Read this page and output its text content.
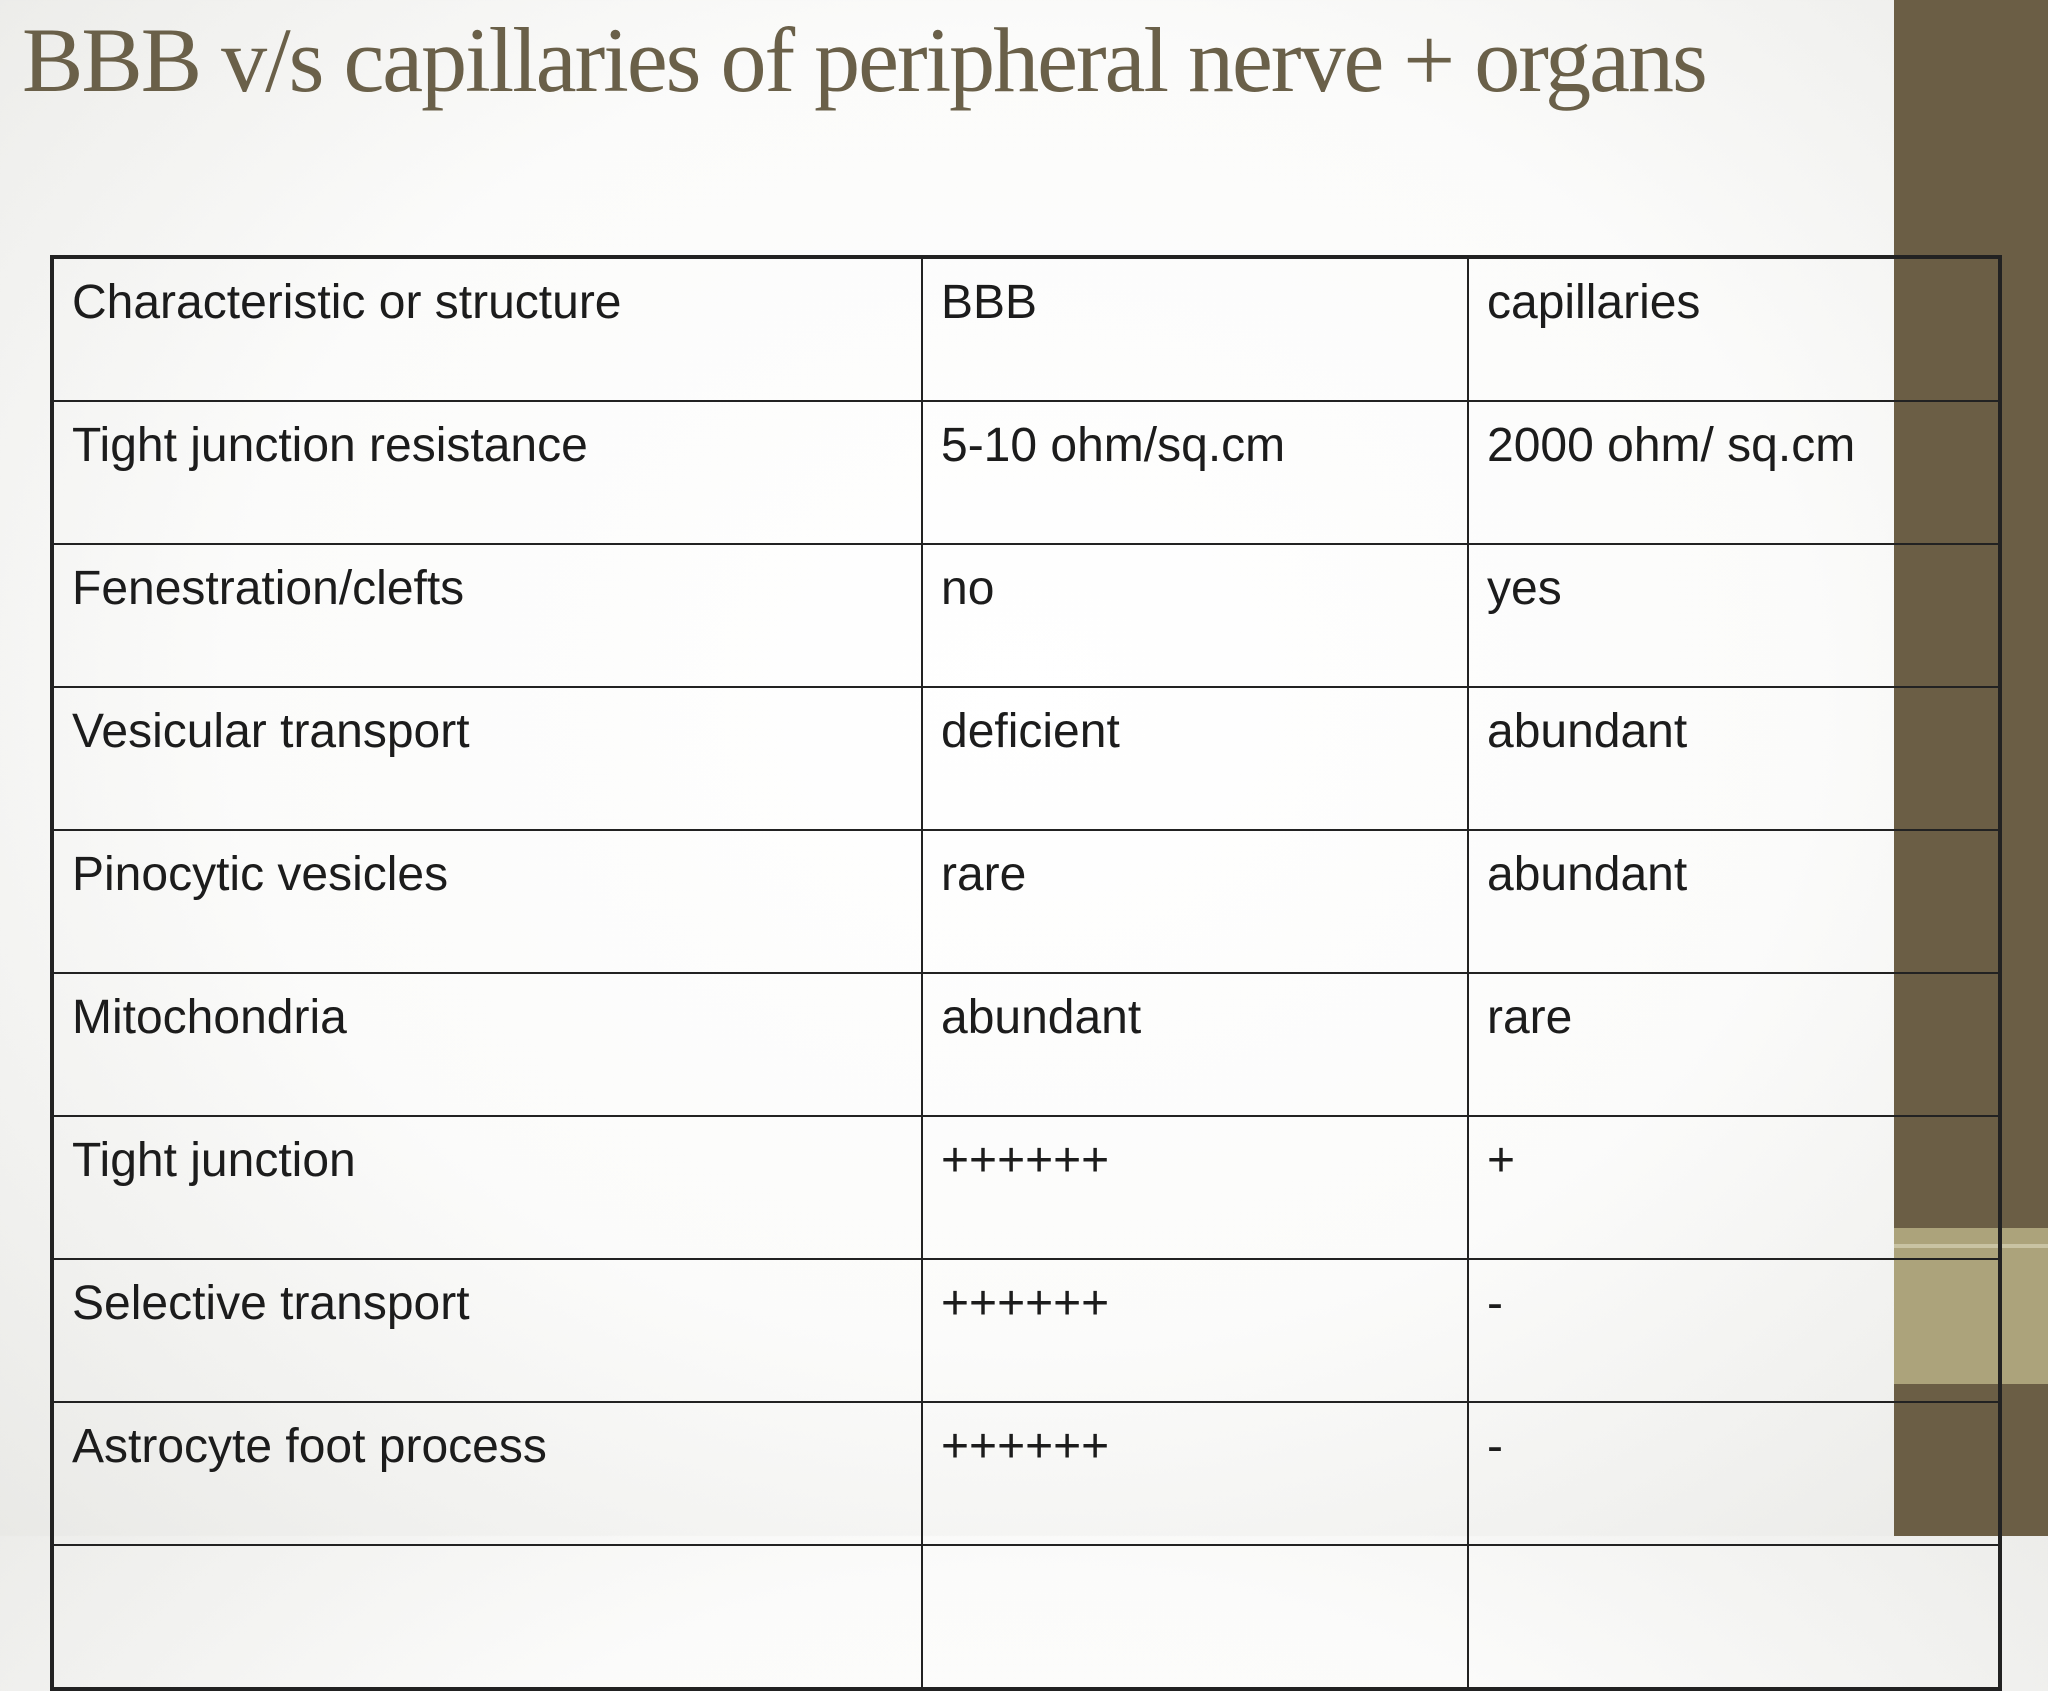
BBB v/s capillaries of peripheral nerve + organs
Characteristic or structure	BBB	capillaries
Tight junction resistance	5-10 ohm/sq.cm	2000 ohm/ sq.cm
Fenestration/clefts	no	yes
Vesicular transport	deficient	abundant
Pinocytic vesicles	rare	abundant
Mitochondria	abundant	rare
Tight junction	++++++	+
Selective transport	++++++	-
Astrocyte foot process	++++++	-
